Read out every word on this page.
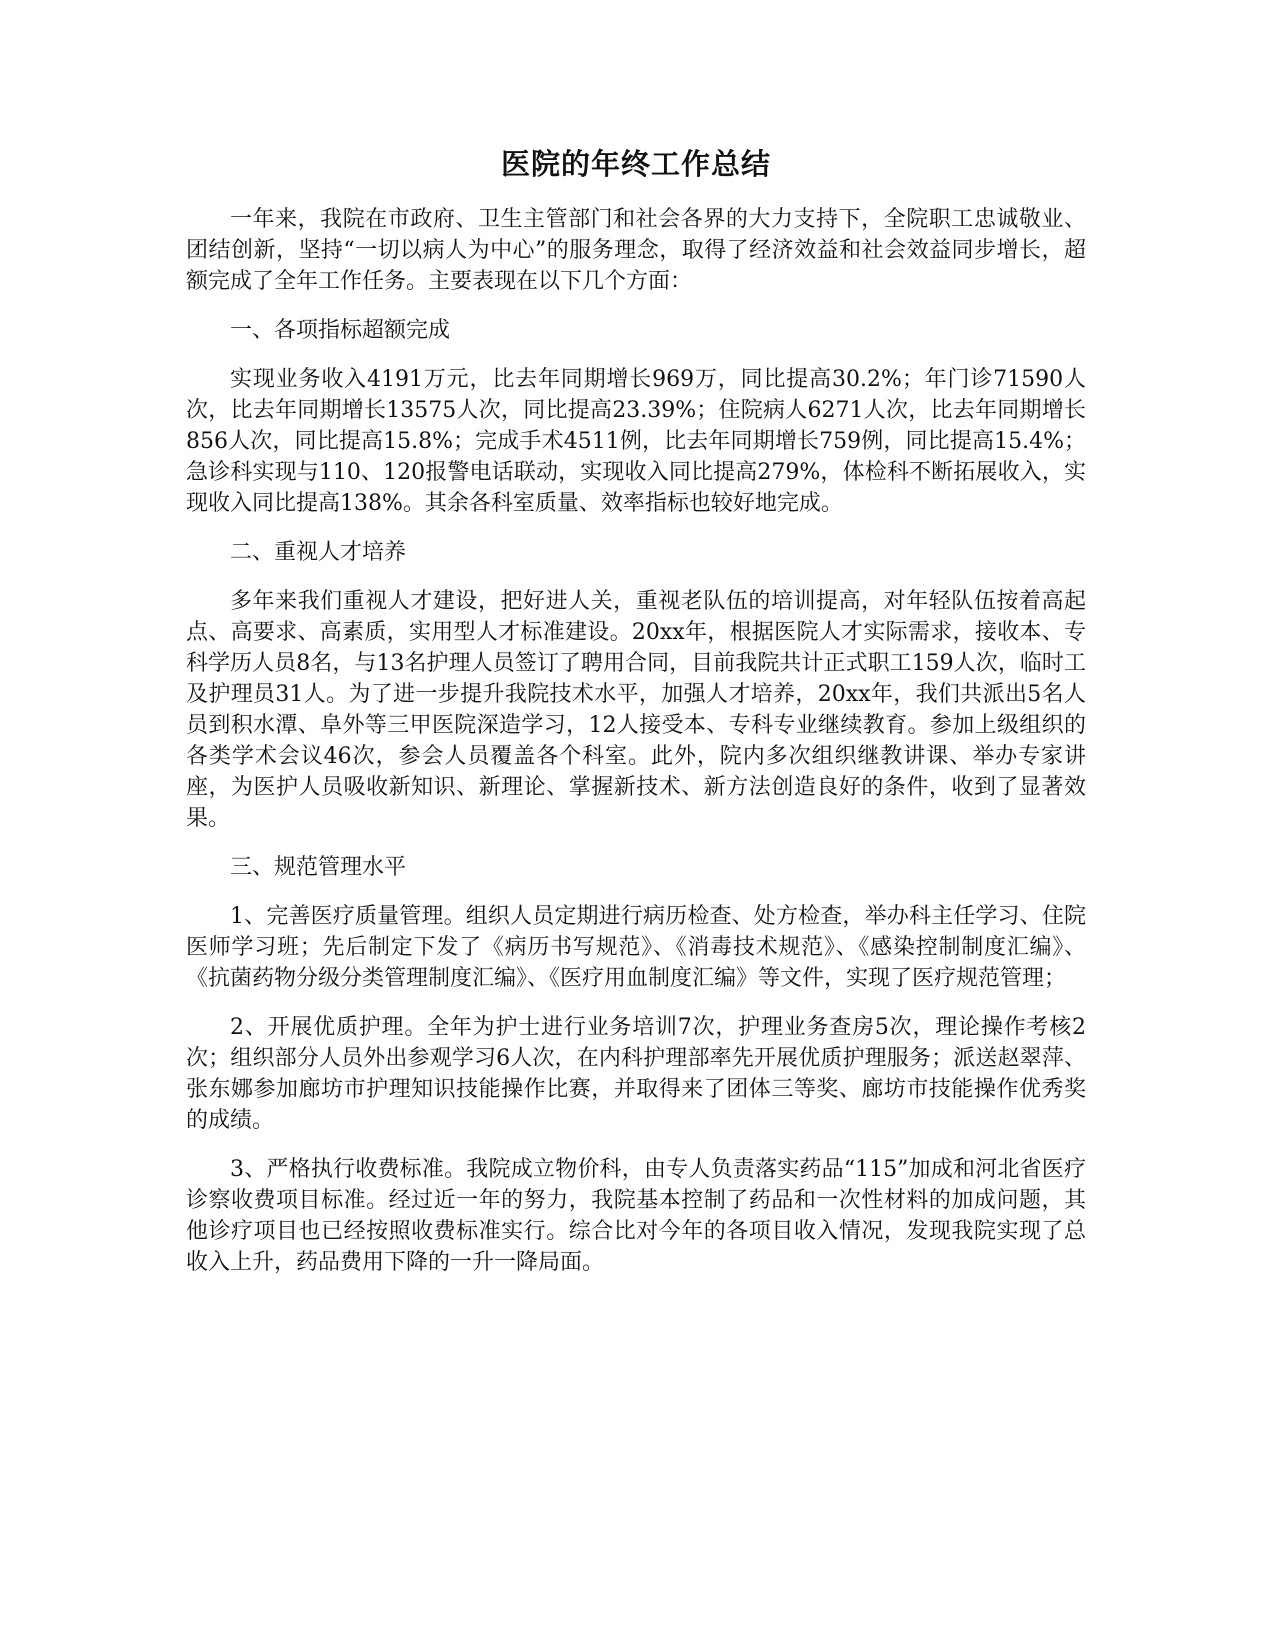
医院的年终工作总结

一年来，我院在市政府、卫生主管部门和社会各界的大力支持下，全院职工忠诚敬业、团结创新，坚持“一切以病人为中心”的服务理念，取得了经济效益和社会效益同步增长，超额完成了全年工作任务。主要表现在以下几个方面：

一、各项指标超额完成

实现业务收入4191万元，比去年同期增长969万，同比提高30.2%；年门诊71590人次，比去年同期增长13575人次，同比提高23.39%；住院病人6271人次，比去年同期增长856人次，同比提高15.8%；完成手术4511例，比去年同期增长759例，同比提高15.4%；急诊科实现与110、120报警电话联动，实现收入同比提高279%，体检科不断拓展收入，实现收入同比提高138%。其余各科室质量、效率指标也较好地完成。

二、重视人才培养

多年来我们重视人才建设，把好进人关，重视老队伍的培训提高，对年轻队伍按着高起点、高要求、高素质，实用型人才标准建设。20xx年，根据医院人才实际需求，接收本、专科学历人员8名，与13名护理人员签订了聘用合同，目前我院共计正式职工159人次，临时工及护理员31人。为了进一步提升我院技术水平，加强人才培养，20xx年，我们共派出5名人员到积水潭、阜外等三甲医院深造学习，12人接受本、专科专业继续教育。参加上级组织的各类学术会议46次，参会人员覆盖各个科室。此外，院内多次组织继教讲课、举办专家讲座，为医护人员吸收新知识、新理论、掌握新技术、新方法创造良好的条件，收到了显著效果。

三、规范管理水平

1、完善医疗质量管理。组织人员定期进行病历检查、处方检查，举办科主任学习、住院医师学习班；先后制定下发了《病历书写规范》、《消毒技术规范》、《感染控制制度汇编》、《抗菌药物分级分类管理制度汇编》、《医疗用血制度汇编》等文件，实现了医疗规范管理；

2、开展优质护理。全年为护士进行业务培训7次，护理业务查房5次，理论操作考核2次；组织部分人员外出参观学习6人次，在内科护理部率先开展优质护理服务；派送赵翠萍、张东娜参加廊坊市护理知识技能操作比赛，并取得来了团体三等奖、廊坊市技能操作优秀奖的成绩。

3、严格执行收费标准。我院成立物价科，由专人负责落实药品“115”加成和河北省医疗诊察收费项目标准。经过近一年的努力，我院基本控制了药品和一次性材料的加成问题，其他诊疗项目也已经按照收费标准实行。综合比对今年的各项目收入情况，发现我院实现了总收入上升，药品费用下降的一升一降局面。
